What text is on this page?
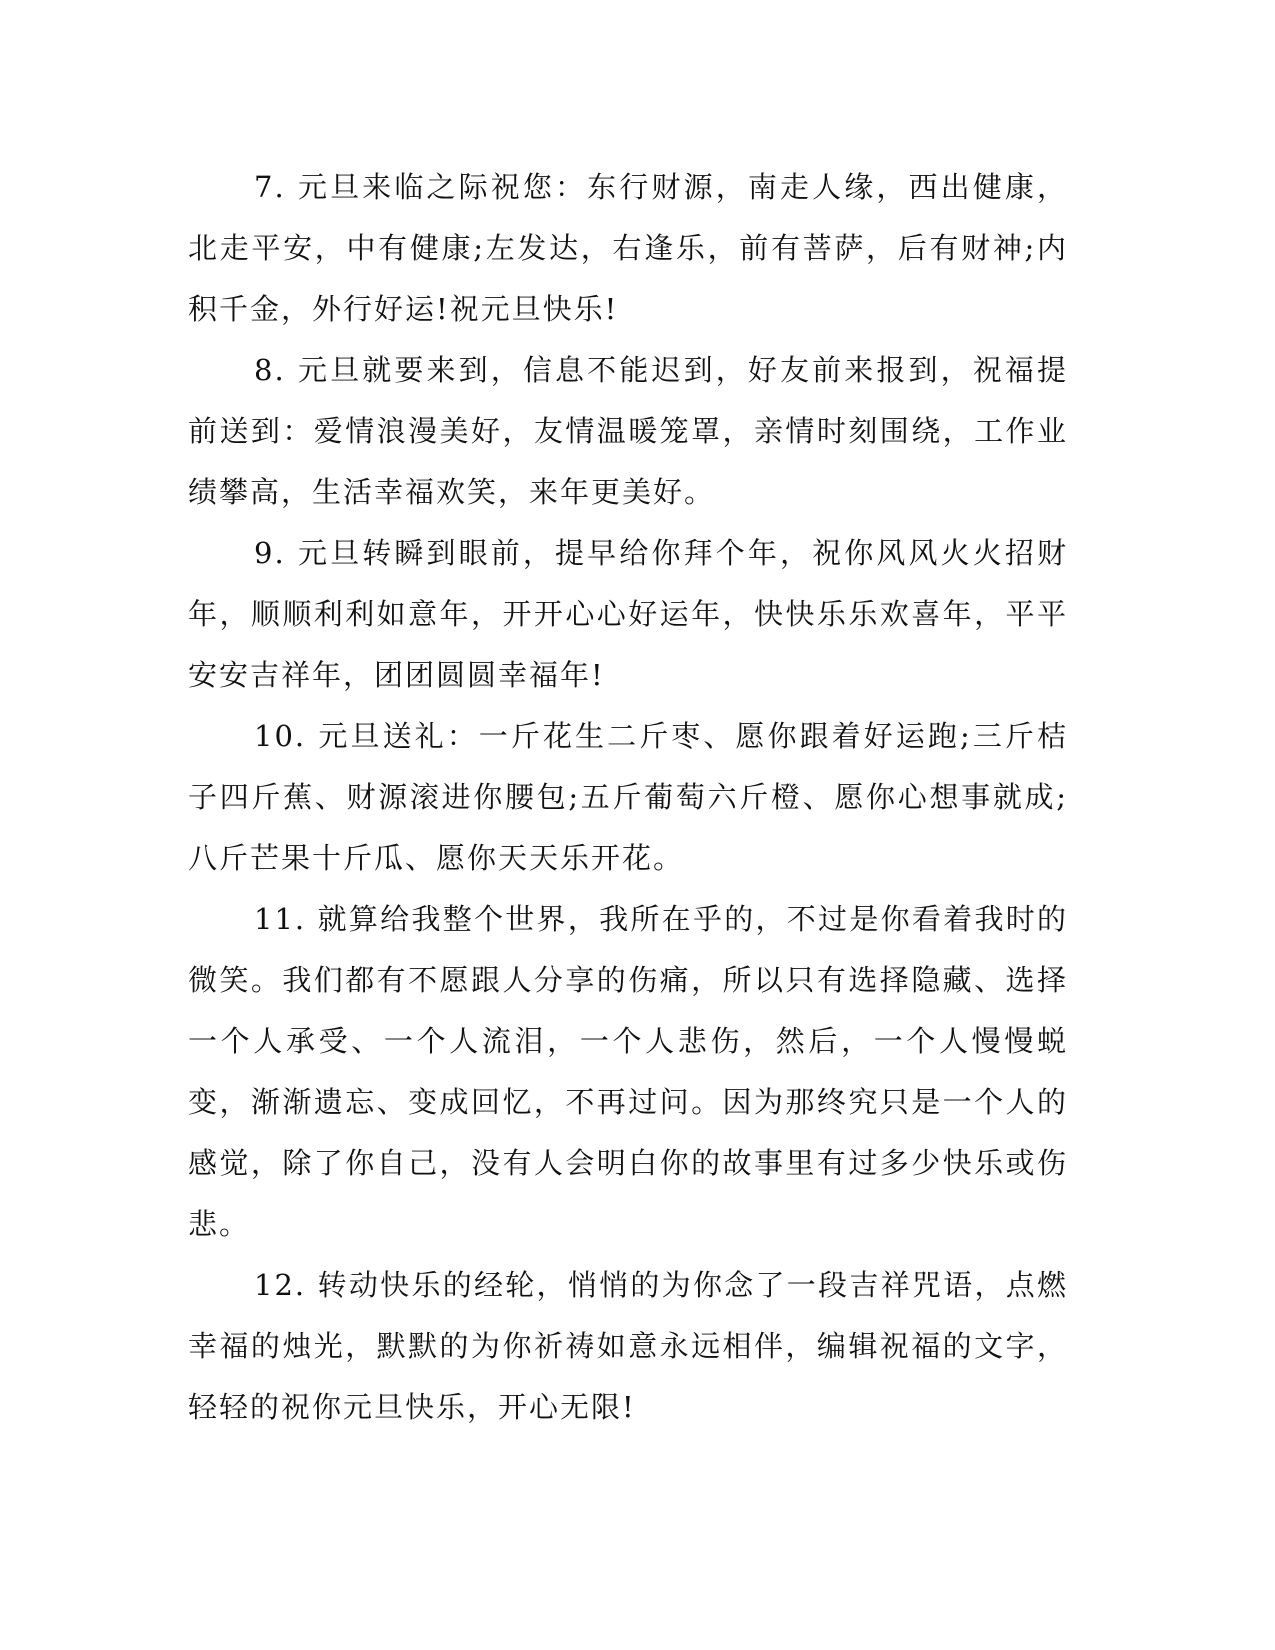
7. 元旦来临之际祝您：东行财源，南走人缘，西出健康，北走平安，中有健康;左发达，右逢乐，前有菩萨，后有财神;内积千金，外行好运!祝元旦快乐!

8. 元旦就要来到，信息不能迟到，好友前来报到，祝福提前送到：爱情浪漫美好，友情温暖笼罩，亲情时刻围绕，工作业绩攀高，生活幸福欢笑，来年更美好。

9. 元旦转瞬到眼前，提早给你拜个年，祝你风风火火招财年，顺顺利利如意年，开开心心好运年，快快乐乐欢喜年，平平安安吉祥年，团团圆圆幸福年!

10. 元旦送礼：一斤花生二斤枣、愿你跟着好运跑;三斤桔子四斤蕉、财源滚进你腰包;五斤葡萄六斤橙、愿你心想事就成;八斤芒果十斤瓜、愿你天天乐开花。

11. 就算给我整个世界，我所在乎的，不过是你看着我时的微笑。我们都有不愿跟人分享的伤痛，所以只有选择隐藏、选择一个人承受、一个人流泪，一个人悲伤，然后，一个人慢慢蜕变，渐渐遗忘、变成回忆，不再过问。因为那终究只是一个人的感觉，除了你自己，没有人会明白你的故事里有过多少快乐或伤悲。

12. 转动快乐的经轮，悄悄的为你念了一段吉祥咒语，点燃幸福的烛光，默默的为你祈祷如意永远相伴，编辑祝福的文字，轻轻的祝你元旦快乐，开心无限!
